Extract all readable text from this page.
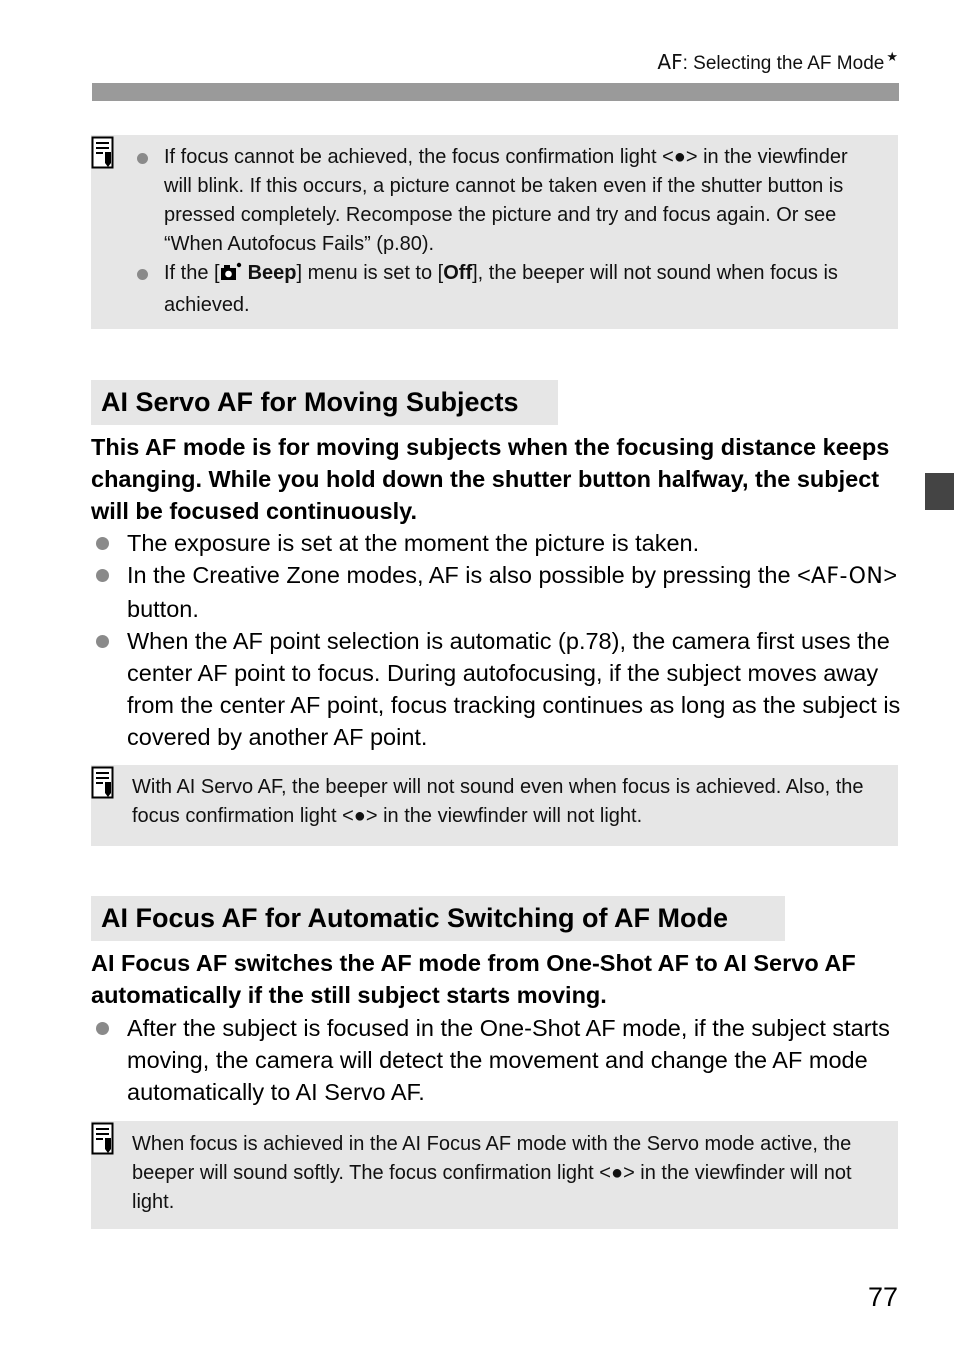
AF: Selecting the AF Mode ★
If focus cannot be achieved, the focus confirmation light <●> in the viewfinder will blink. If this occurs, a picture cannot be taken even if the shutter button is pressed completely. Recompose the picture and try and focus again. Or see “When Autofocus Fails” (p.80).
If the [ Beep] menu is set to [Off], the beeper will not sound when focus is achieved.
AI Servo AF for Moving Subjects

This AF mode is for moving subjects when the focusing distance keeps changing. While you hold down the shutter button halfway, the subject will be focused continuously.

The exposure is set at the moment the picture is taken.
In the Creative Zone modes, AF is also possible by pressing the <AF-ON> button.
When the AF point selection is automatic (p.78), the camera first uses the center AF point to focus. During autofocusing, if the subject moves away from the center AF point, focus tracking continues as long as the subject is covered by another AF point.
With AI Servo AF, the beeper will not sound even when focus is achieved. Also, the focus confirmation light <●> in the viewfinder will not light.
AI Focus AF for Automatic Switching of AF Mode

AI Focus AF switches the AF mode from One-Shot AF to AI Servo AF automatically if the still subject starts moving.

After the subject is focused in the One-Shot AF mode, if the subject starts moving, the camera will detect the movement and change the AF mode automatically to AI Servo AF.
When focus is achieved in the AI Focus AF mode with the Servo mode active, the beeper will sound softly. The focus confirmation light <●> in the viewfinder will not light.
77
